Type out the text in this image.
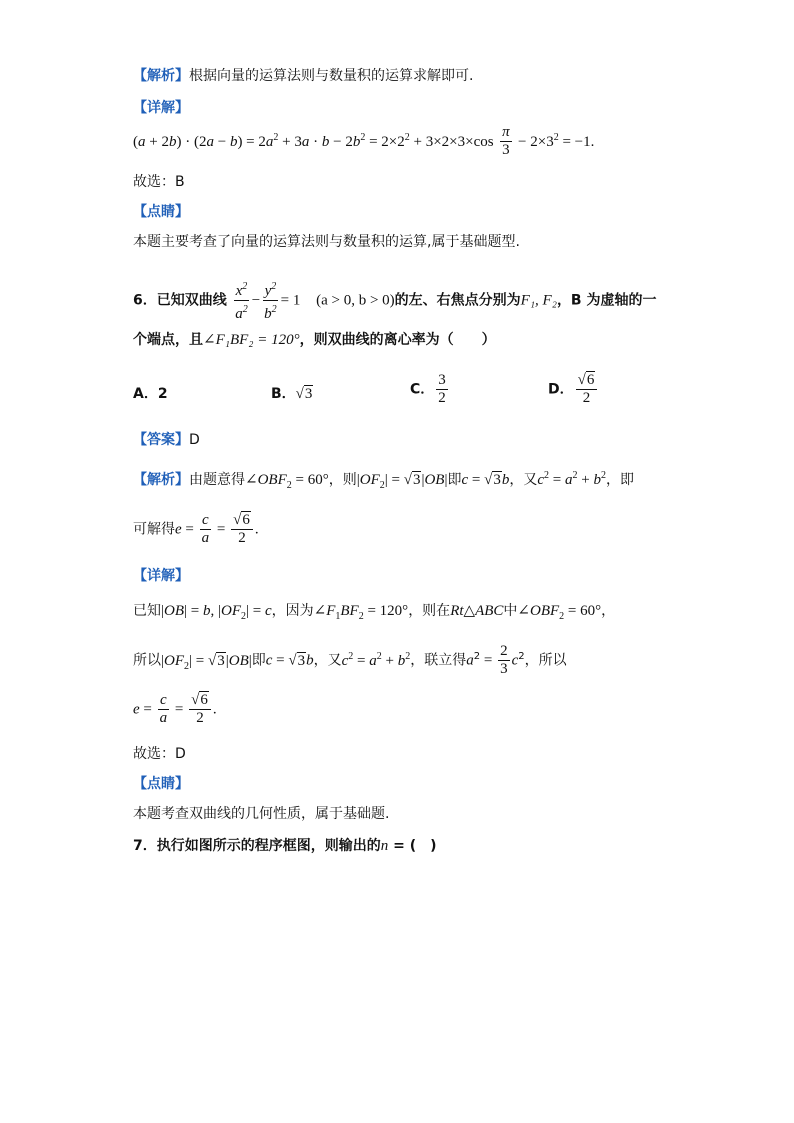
【解析】根据向量的运算法则与数量积的运算求解即可.
【详解】
$(a + 2b) \cdot (2a - b) = 2a^2 + 3a \cdot b - 2b^2 = 2\times 2^2 + 3\times 2\times 3\times\cos \frac{\pi}{3} - 2\times 3^2 = -1$.
故选：B
【点睛】
本题主要考查了向量的运算法则与数量积的运算,属于基础题型.
6．已知双曲线 $\frac{x^2}{a^2} - \frac{y^2}{b^2} = 1$    (a > 0, b > 0)的左、右焦点分别为F₁, F₂，B 为虚轴的一
个端点，且∠F₁BF₂ = 120°，则双曲线的离心率为（　　）
A．2	B．√3	C． $\frac{3}{2}$	D． $\frac{√6}{2}$
【答案】D
【解析】由题意得$\angle OBF_2 = 60^\circ$，则$|OF_2| = √3|OB|$即c = √3b，又$c^2 = a^2 + b^2$，即
可解得$e = \frac{c}{a} = \frac{√6}{2}$ .
【详解】
已知|OB| = b, $|OF_2| = c$，因为$\angle F_1BF_2 = 120^\circ$，则在Rt△ABC中$\angle OBF_2 = 60^\circ$，
所以$|OF_2| = √3|OB|$即c = √3b，又$c^2 = a^2 + b^2$，联立得$a^2 = \frac{2}{3} c^2$，所以
$e = \frac{c}{a} = \frac{√6}{2}$ .
故选：D
【点睛】
本题考查双曲线的几何性质，属于基础题.
7．执行如图所示的程序框图，则输出的n = (　)
